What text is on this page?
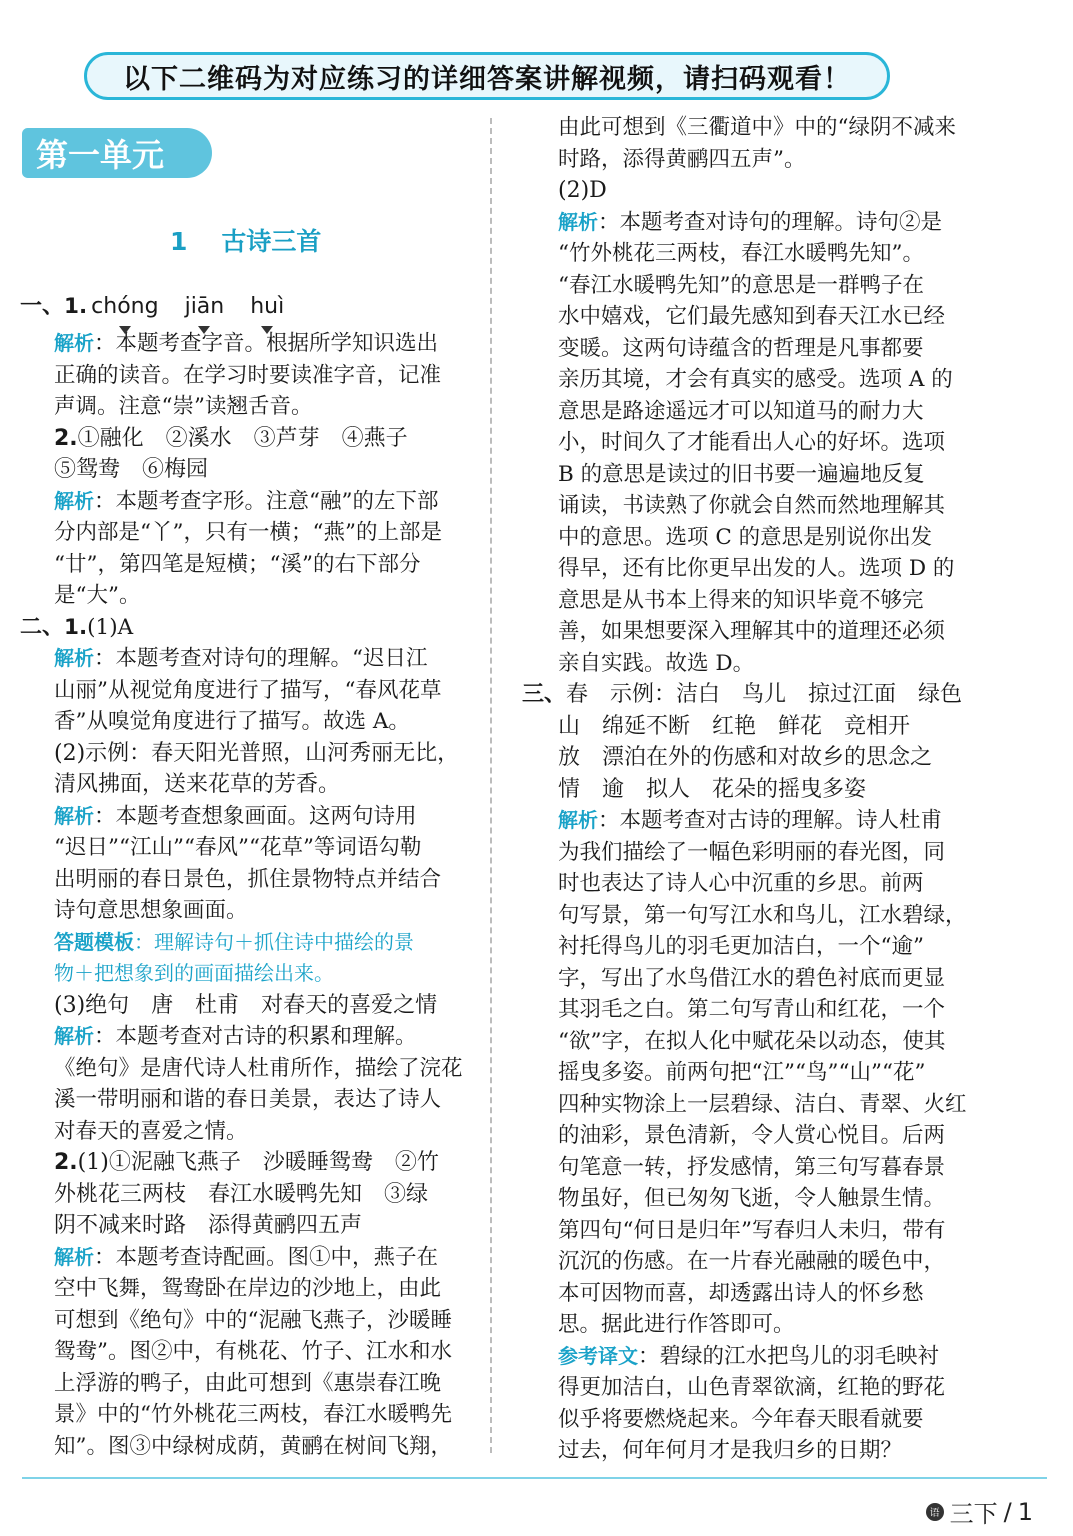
以下二维码为对应练习的详细答案讲解视频，请扫码观看！
第一单元
1 古诗三首
一、 1. chóng jiān huì

解析：本题考查字音。根据所学知识选出

正确的读音。在学习时要读准字音，记准

声调。注意“崇”读翘舌音。

2.①融化　②溪水　③芦芽　④燕子

⑤鸳鸯　⑥梅园

解析：本题考查字形。注意“融”的左下部

分内部是“丫”，只有一横；“燕”的上部是

“廿”，第四笔是短横；“溪”的右下部分

是“大”。

二、1.(1)A

解析：本题考查对诗句的理解。“迟日江

山丽”从视觉角度进行了描写，“春风花草

香”从嗅觉角度进行了描写。故选 A。

(2)示例：春天阳光普照，山河秀丽无比，

清风拂面，送来花草的芳香。

解析：本题考查想象画面。这两句诗用

“迟日”“江山”“春风”“花草”等词语勾勒

出明丽的春日景色，抓住景物特点并结合

诗句意思想象画面。

答题模板：理解诗句＋抓住诗中描绘的景

物＋把想象到的画面描绘出来。

(3)绝句　唐　杜甫　对春天的喜爱之情

解析：本题考查对古诗的积累和理解。

《绝句》是唐代诗人杜甫所作，描绘了浣花

溪一带明丽和谐的春日美景，表达了诗人

对春天的喜爱之情。

2.(1)①泥融飞燕子　沙暖睡鸳鸯　②竹

外桃花三两枝　春江水暖鸭先知　③绿

阴不减来时路　添得黄鹂四五声

解析：本题考查诗配画。图①中，燕子在

空中飞舞，鸳鸯卧在岸边的沙地上，由此

可想到《绝句》中的“泥融飞燕子，沙暖睡

鸳鸯”。图②中，有桃花、竹子、江水和水

上浮游的鸭子，由此可想到《惠崇春江晚

景》中的“竹外桃花三两枝，春江水暖鸭先

知”。图③中绿树成荫，黄鹂在树间飞翔，

由此可想到《三衢道中》中的“绿阴不减来

时路，添得黄鹂四五声”。

(2)D

解析：本题考查对诗句的理解。诗句②是

“竹外桃花三两枝，春江水暖鸭先知”。

“春江水暖鸭先知”的意思是一群鸭子在

水中嬉戏，它们最先感知到春天江水已经

变暖。这两句诗蕴含的哲理是凡事都要

亲历其境，才会有真实的感受。选项 A 的

意思是路途遥远才可以知道马的耐力大

小，时间久了才能看出人心的好坏。选项

B 的意思是读过的旧书要一遍遍地反复

诵读，书读熟了你就会自然而然地理解其

中的意思。选项 C 的意思是别说你出发

得早，还有比你更早出发的人。选项 D 的

意思是从书本上得来的知识毕竟不够完

善，如果想要深入理解其中的道理还必须

亲自实践。故选 D。

三、春　示例：洁白　鸟儿　掠过江面　绿色

山　绵延不断　红艳　鲜花　竞相开

放　漂泊在外的伤感和对故乡的思念之

情　逾　拟人　花朵的摇曳多姿

解析：本题考查对古诗的理解。诗人杜甫

为我们描绘了一幅色彩明丽的春光图，同

时也表达了诗人心中沉重的乡思。前两

句写景，第一句写江水和鸟儿，江水碧绿，

衬托得鸟儿的羽毛更加洁白，一个“逾”

字，写出了水鸟借江水的碧色衬底而更显

其羽毛之白。第二句写青山和红花，一个

“欲”字，在拟人化中赋花朵以动态，使其

摇曳多姿。前两句把“江”“鸟”“山”“花”

四种实物涂上一层碧绿、洁白、青翠、火红

的油彩，景色清新，令人赏心悦目。后两

句笔意一转，抒发感情，第三句写暮春景

物虽好，但已匆匆飞逝，令人触景生情。

第四句“何日是归年”写春归人未归，带有

沉沉的伤感。在一片春光融融的暖色中，

本可因物而喜，却透露出诗人的怀乡愁

思。据此进行作答即可。

参考译文：碧绿的江水把鸟儿的羽毛映衬

得更加洁白，山色青翠欲滴，红艳的野花

似乎将要燃烧起来。今年春天眼看就要

过去，何年何月才是我归乡的日期？

语 三下 / 1
